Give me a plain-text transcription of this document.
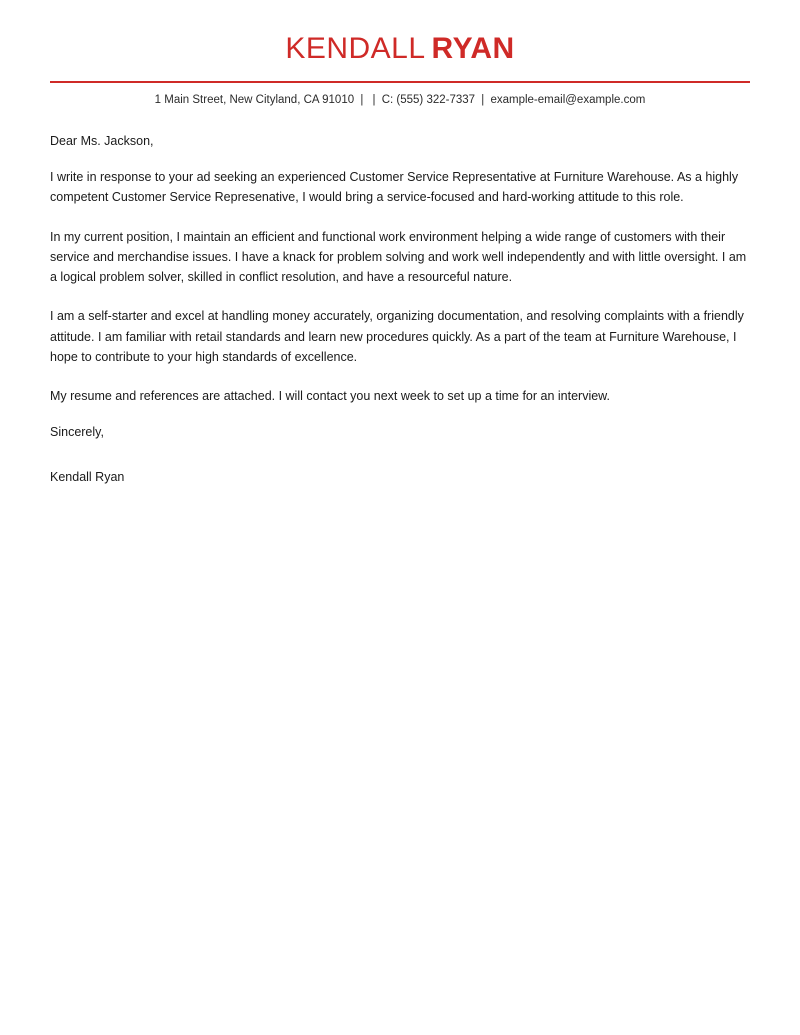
KENDALL RYAN
1 Main Street, New Cityland, CA 91010 | | C: (555) 322-7337 | example-email@example.com
Dear Ms. Jackson,

I write in response to your ad seeking an experienced Customer Service Representative at Furniture Warehouse. As a highly competent Customer Service Represenative, I would bring a service-focused and hard-working attitude to this role.

In my current position, I maintain an efficient and functional work environment helping a wide range of customers with their service and merchandise issues. I have a knack for problem solving and work well independently and with little oversight. I am a logical problem solver, skilled in conflict resolution, and have a resourceful nature.

I am a self-starter and excel at handling money accurately, organizing documentation, and resolving complaints with a friendly attitude. I am familiar with retail standards and learn new procedures quickly. As a part of the team at Furniture Warehouse, I hope to contribute to your high standards of excellence.

My resume and references are attached. I will contact you next week to set up a time for an interview.

Sincerely,
Kendall Ryan
